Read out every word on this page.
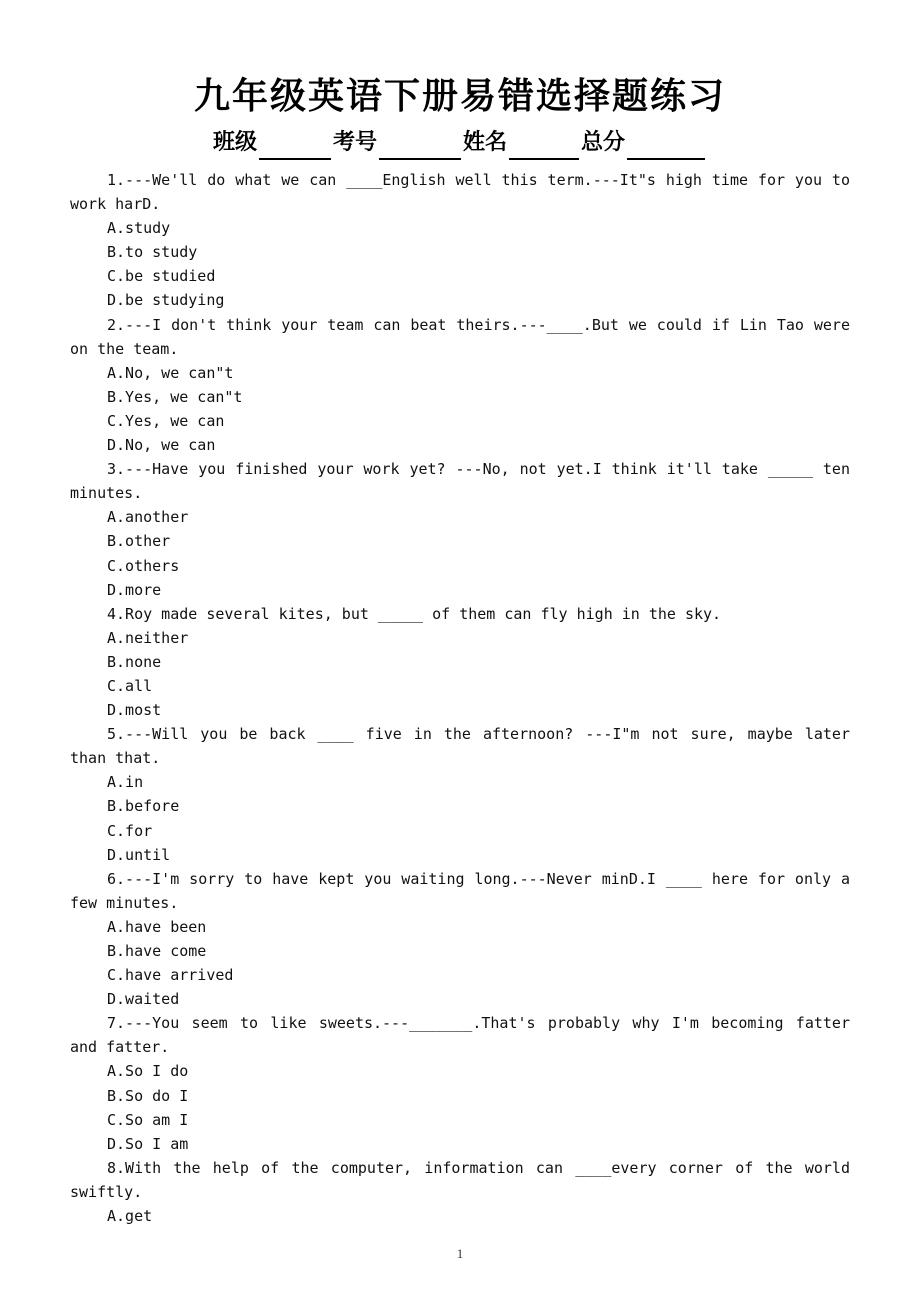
九年级英语下册易错选择题练习
班级	考号	姓名	总分

1.---We'll do what we can ____English well this term.---It"s high time for you to work harD.

A.study

B.to study

C.be studied

D.be studying

2.---I don't think your team can beat theirs.---____.But we could if Lin Tao were on the team.

A.No, we can"t

B.Yes, we can"t

C.Yes, we can

D.No, we can

3.---Have you finished your work yet? ---No, not yet.I think it'll take _____ ten minutes.

A.another

B.other

C.others

D.more

4.Roy made several kites, but _____ of them can fly high in the sky.

A.neither

B.none

C.all

D.most

5.---Will you be back ____ five in the afternoon? ---I"m not sure, maybe later than that.

A.in

B.before

C.for

D.until

6.---I'm sorry to have kept you waiting long.---Never minD.I ____ here for only a few minutes.

A.have been

B.have come

C.have arrived

D.waited

7.---You seem to like sweets.---_______.That's probably why I'm becoming fatter and fatter.

A.So I do

B.So do I

C.So am I

D.So I am

8.With the help of the computer, information can ____every corner of the world swiftly.

A.get

1
